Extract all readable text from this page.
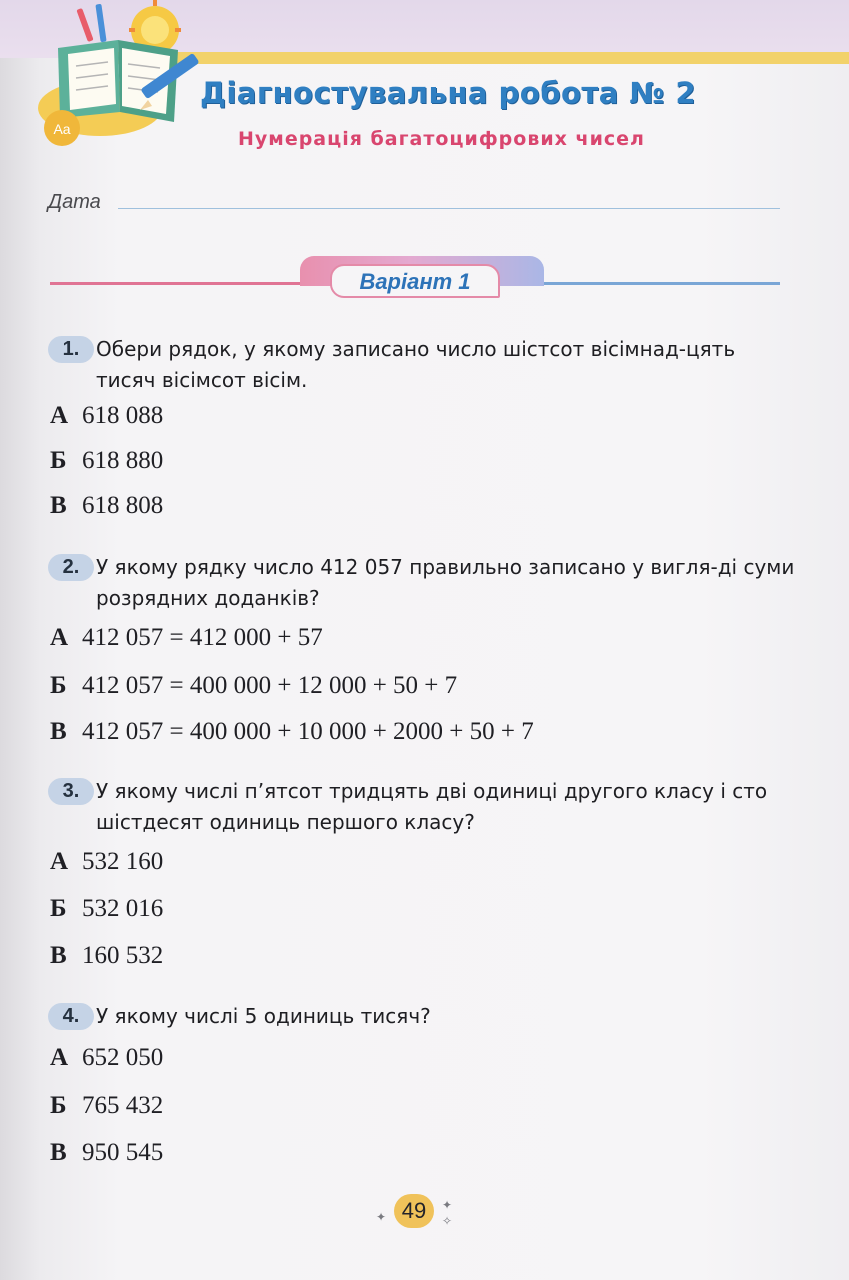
Aa
Діагностувальна робота № 2
Нумерація багатоцифрових чисел
Дата
Варіант 1
1. Обери рядок, у якому записано число шістсот вісімнад-цять тисяч вісімсот вісім.
А 618 088
Б 618 880
В 618 808
2. У якому рядку число 412 057 правильно записано у вигля-ді суми розрядних доданків?
А 412 057 = 412 000 + 57
Б 412 057 = 400 000 + 12 000 + 50 + 7
В 412 057 = 400 000 + 10 000 + 2000 + 50 + 7
3. У якому числі п’ятсот тридцять дві одиниці другого класу і сто шістдесят одиниць першого класу?
А 532 160
Б 532 016
В 160 532
4. У якому числі 5 одиниць тисяч?
А 652 050
Б 765 432
В 950 545
✦ 49	✦
✧
